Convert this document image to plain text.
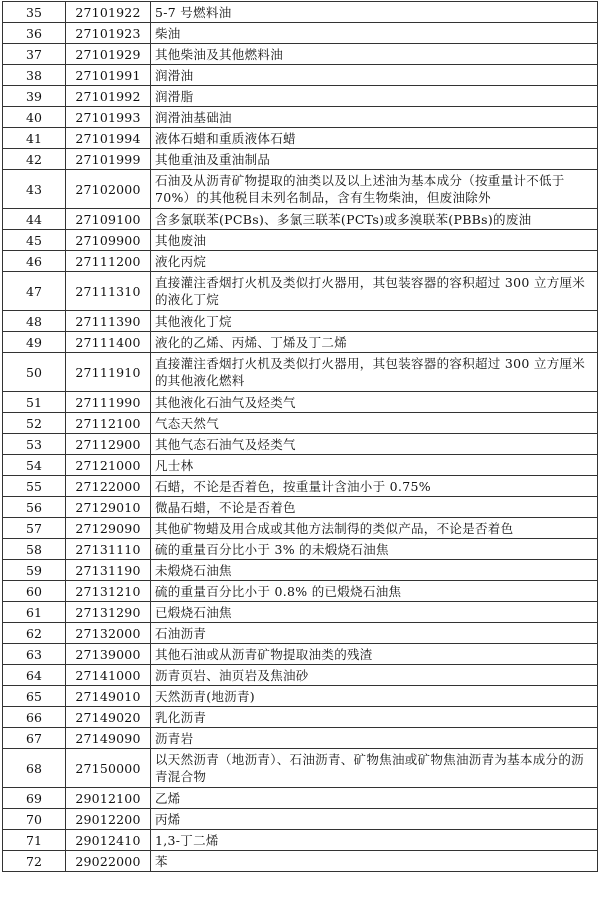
35	27101922	5-7 号燃料油
36	27101923	柴油
37	27101929	其他柴油及其他燃料油
38	27101991	润滑油
39	27101992	润滑脂
40	27101993	润滑油基础油
41	27101994	液体石蜡和重质液体石蜡
42	27101999	其他重油及重油制品
43	27102000	石油及从沥青矿物提取的油类以及以上述油为基本成分（按重量计不低于 70%）的其他税目未列名制品，含有生物柴油，但废油除外
44	27109100	含多氯联苯(PCBs)、多氯三联苯(PCTs)或多溴联苯(PBBs)的废油
45	27109900	其他废油
46	27111200	液化丙烷
47	27111310	直接灌注香烟打火机及类似打火器用，其包装容器的容积超过 300 立方厘米的液化丁烷
48	27111390	其他液化丁烷
49	27111400	液化的乙烯、丙烯、丁烯及丁二烯
50	27111910	直接灌注香烟打火机及类似打火器用，其包装容器的容积超过 300 立方厘米的其他液化燃料
51	27111990	其他液化石油气及烃类气
52	27112100	气态天然气
53	27112900	其他气态石油气及烃类气
54	27121000	凡士林
55	27122000	石蜡，不论是否着色，按重量计含油小于 0.75%
56	27129010	微晶石蜡，不论是否着色
57	27129090	其他矿物蜡及用合成或其他方法制得的类似产品，不论是否着色
58	27131110	硫的重量百分比小于 3% 的未煅烧石油焦
59	27131190	未煅烧石油焦
60	27131210	硫的重量百分比小于 0.8% 的已煅烧石油焦
61	27131290	已煅烧石油焦
62	27132000	石油沥青
63	27139000	其他石油或从沥青矿物提取油类的残渣
64	27141000	沥青页岩、油页岩及焦油砂
65	27149010	天然沥青(地沥青)
66	27149020	乳化沥青
67	27149090	沥青岩
68	27150000	以天然沥青（地沥青）、石油沥青、矿物焦油或矿物焦油沥青为基本成分的沥青混合物
69	29012100	乙烯
70	29012200	丙烯
71	29012410	1,3-丁二烯
72	29022000	苯
